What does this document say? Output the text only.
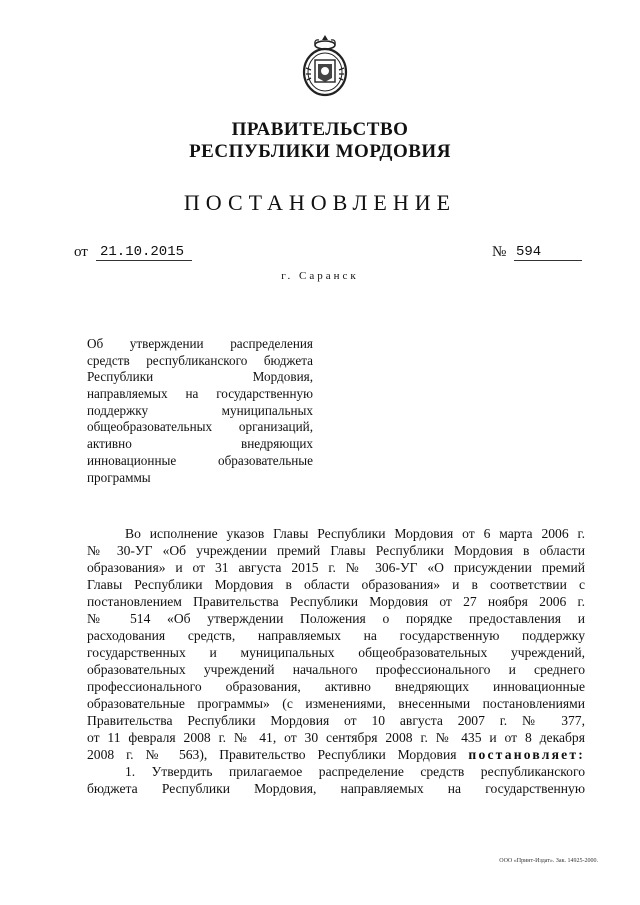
ПРАВИТЕЛЬСТВО
РЕСПУБЛИКИ МОРДОВИЯ
ПОСТАНОВЛЕНИЕ
от 21.10.2015	№ 594
г. Саранск
Об утверждении распределения
средств республиканского бюджета
Республики Мордовия,
направляемых на государственную
поддержку муниципальных
общеобразовательных организаций,
активно внедряющих
инновационные образовательные
программы
Во исполнение указов Главы Республики Мордовия от 6 марта 2006 г.
№ 30-УГ «Об учреждении премий Главы Республики Мордовия в области
образования» и от 31 августа 2015 г. № 306-УГ «О присуждении премий
Главы Республики Мордовия в области образования» и в соответствии с
постановлением Правительства Республики Мордовия от 27 ноября 2006 г.
№ 514 «Об утверждении Положения о порядке предоставления и
расходования средств, направляемых на государственную поддержку
государственных и муниципальных общеобразовательных учреждений,
образовательных учреждений начального профессионального и среднего
профессионального образования, активно внедряющих инновационные
образовательные программы» (с изменениями, внесенными постановлениями
Правительства Республики Мордовия от 10 августа 2007 г. № 377,
от 11 февраля 2008 г. № 41, от 30 сентября 2008 г. № 435 и от 8 декабря
2008 г. № 563), Правительство Республики Мордовия постановляет:
1. Утвердить прилагаемое распределение средств республиканского
бюджета Республики Мордовия, направляемых на государственную
ООО «Принт-Издат». Зак. 14925-2000.
